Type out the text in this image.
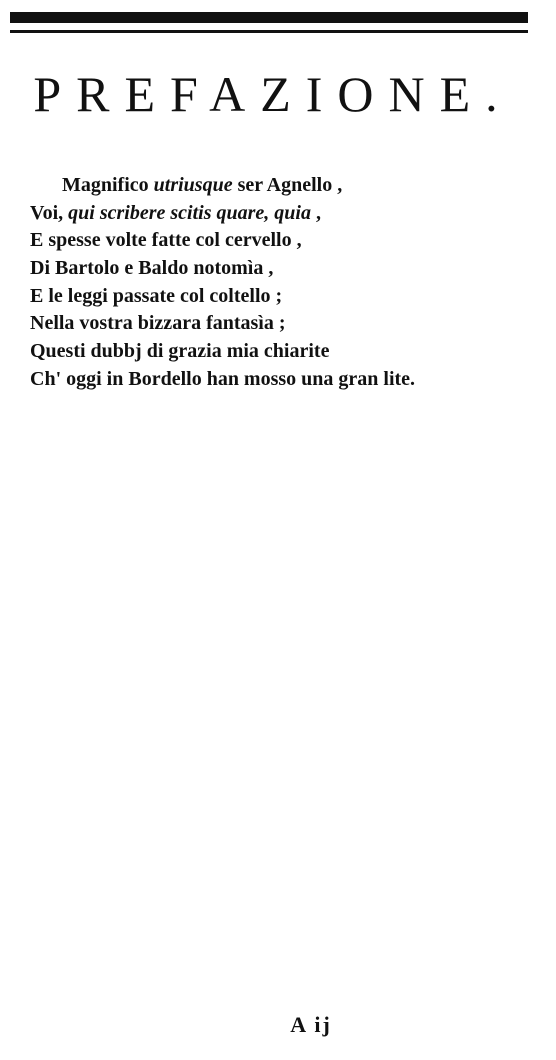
PREFAZIONE.
Magnifico utriusque ser Agnello ,
Voi, qui scribere scitis quare, quia ,
E spesse volte fatte col cervello ,
Di Bartolo e Baldo notomìa ,
E le leggi passate col coltello ;
Nella vostra bizzara fantasìa ;
Questi dubbj di grazia mia chiarite
Ch' oggi in Bordello han mosso una gran lite.
A ij
